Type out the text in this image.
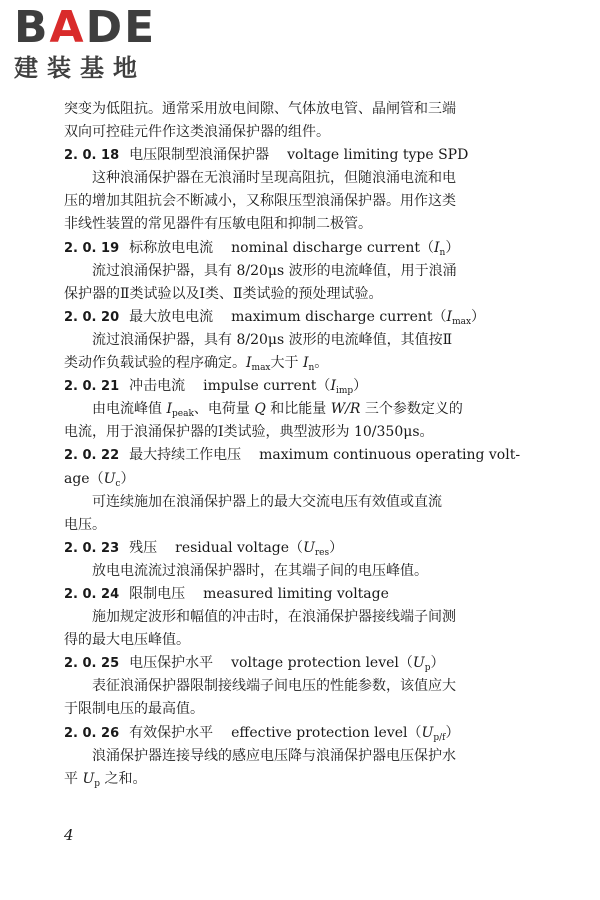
BADE
建装基地
突变为低阻抗。通常采用放电间隙、气体放电管、晶闸管和三端
双向可控硅元件作这类浪涌保护器的组件。
2. 0. 18 电压限制型浪涌保护器 voltage limiting type SPD
这种浪涌保护器在无浪涌时呈现高阻抗，但随浪涌电流和电
压的增加其阻抗会不断减小，又称限压型浪涌保护器。用作这类
非线性装置的常见器件有压敏电阻和抑制二极管。
2. 0. 19 标称放电电流 nominal discharge $current(I_n)$
流过浪涌保护器，具有 8/20μs 波形的电流峰值，用于浪涌
保护器的Ⅱ类试验以及Ⅰ类、Ⅱ类试验的预处理试验。
2. 0. 20 最大放电电流 maximum discharge $current(I_{max})$
流过浪涌保护器，具有 8/20μs 波形的电流峰值，其值按Ⅱ
类动作负载试验的程序确定。$I_{max}$大于 $I_n$。
2. 0. 21 冲击电流 impulse $current(I_{imp})$
由电流峰值 $I_{peak}$、电荷量 Q 和比能量 W/R 三个参数定义的
电流，用于浪涌保护器的Ⅰ类试验，典型波形为 10/350μs。
2. 0. 22 最大持续工作电压 maximum continuous operating volt-
$age(U_c)$
可连续施加在浪涌保护器上的最大交流电压有效值或直流
电压。
2. 0. 23 残压 residual $voltage(U_{res})$
放电电流流过浪涌保护器时，在其端子间的电压峰值。
2. 0. 24 限制电压 measured limiting voltage
施加规定波形和幅值的冲击时，在浪涌保护器接线端子间测
得的最大电压峰值。
2. 0. 25 电压保护水平 voltage protection $level(U_p)$
表征浪涌保护器限制接线端子间电压的性能参数，该值应大
于限制电压的最高值。
2. 0. 26 有效保护水平 effective protection $level(U_{p/f})$
浪涌保护器连接导线的感应电压降与浪涌保护器电压保护水
平 $U_p$ 之和。
4
